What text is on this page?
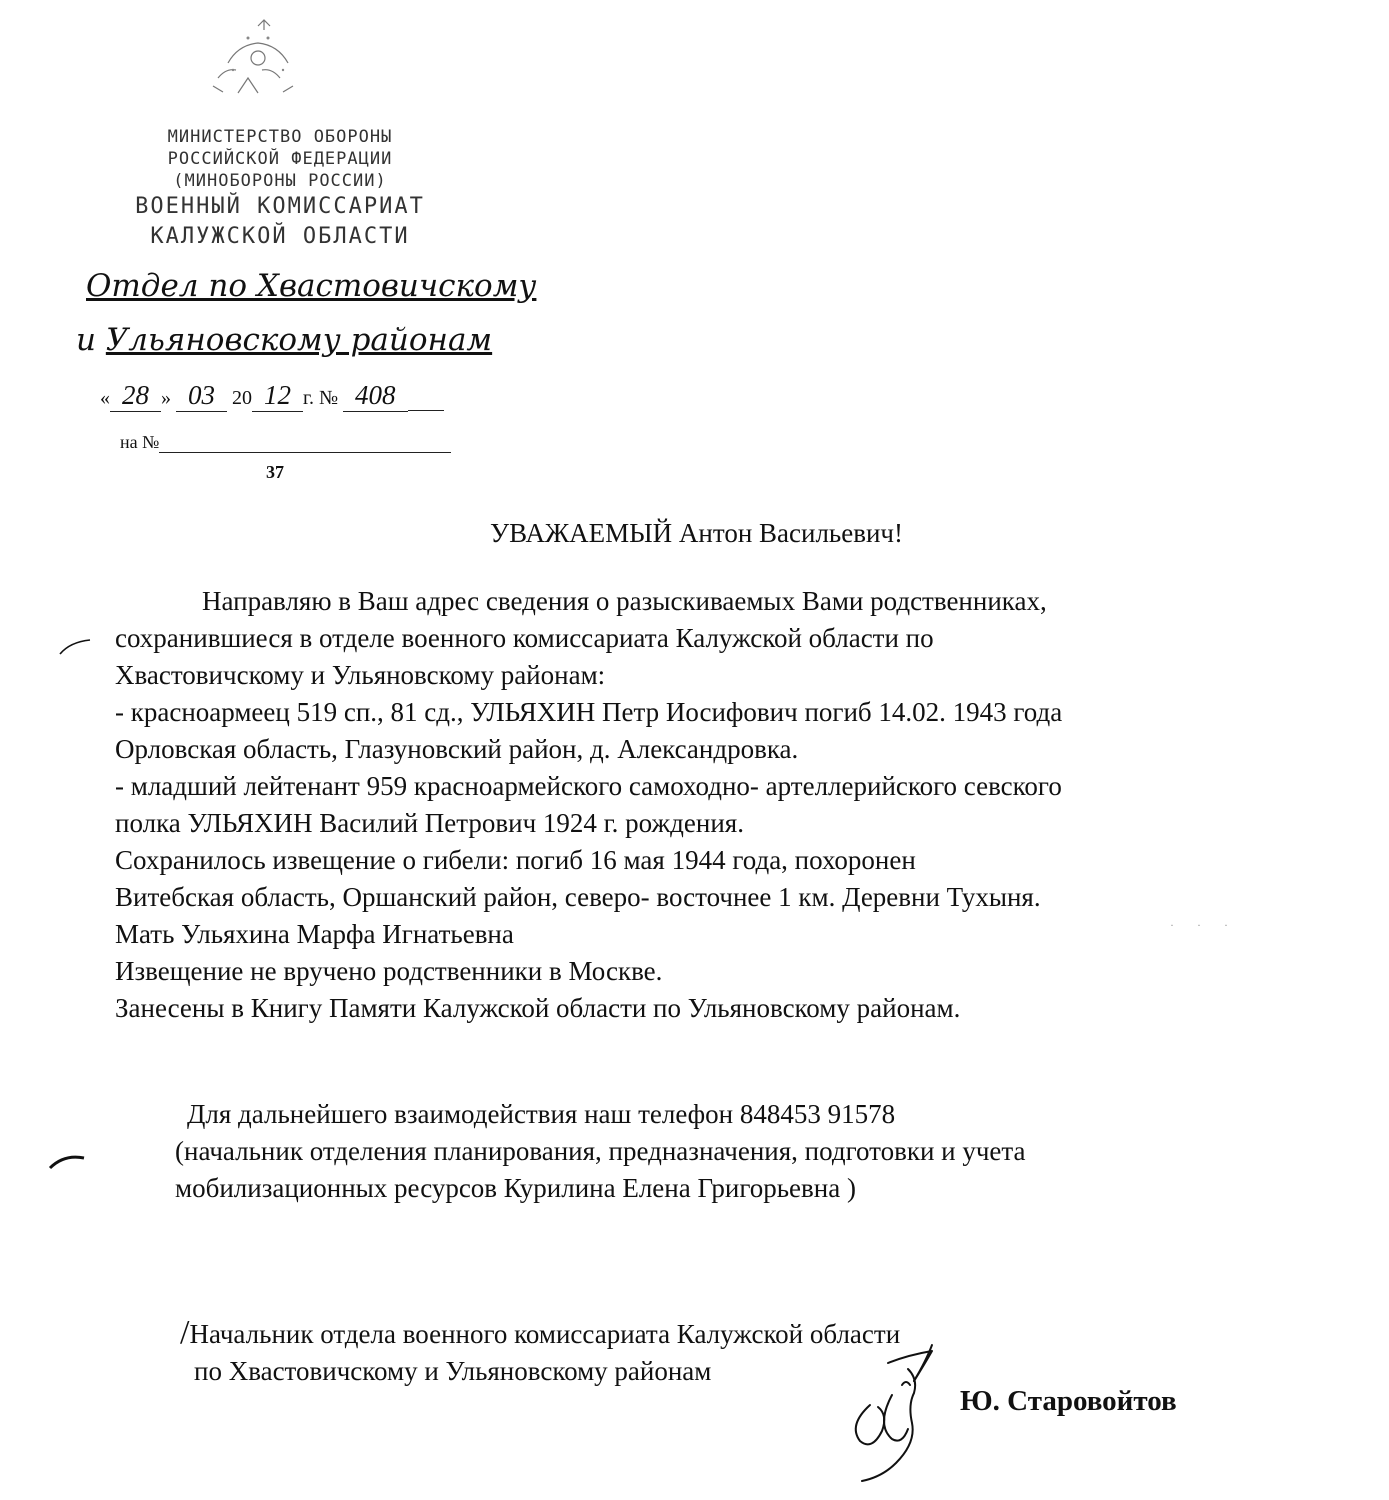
МИНИСТЕРСТВО ОБОРОНЫ
РОССИЙСКОЙ ФЕДЕРАЦИИ
(МИНОБОРОНЫ РОССИИ)
ВОЕННЫЙ КОМИССАРИАТ
КАЛУЖСКОЙ ОБЛАСТИ
Отдел по Хвастовичскому
и Ульяновскому районам
« 28 » 03 20 12 г. № 408
на №
37
УВАЖАЕМЫЙ Антон Васильевич!

Направляю в Ваш адрес сведения о разыскиваемых Вами родственниках,

сохранившиеся в отделе военного комиссариата Калужской области по

Хвастовичскому и Ульяновскому районам:

- красноармеец 519 сп., 81 сд., УЛЬЯХИН Петр Иосифович погиб 14.02. 1943 года

Орловская область, Глазуновский район, д. Александровка.

- младший лейтенант 959 красноармейского самоходно- артеллерийского севского

полка УЛЬЯХИН Василий Петрович 1924 г. рождения.

Сохранилось извещение о гибели: погиб 16 мая 1944 года, похоронен

Витебская область, Оршанский район, северо- восточнее 1 км. Деревни Тухыня.

Мать Ульяхина Марфа Игнатьевна

Извещение не вручено родственники в Москве.

Занесены в Книгу Памяти Калужской области по Ульяновскому районам.

· · ·

Для дальнейшего взаимодействия наш телефон 848453 91578

(начальник отделения планирования, предназначения, подготовки и учета

мобилизационных ресурсов Курилина Елена Григорьевна )

/Начальник отдела военного комиссариата Калужской области

по Хвастовичскому и Ульяновскому районам

Ю. Старовойтов
